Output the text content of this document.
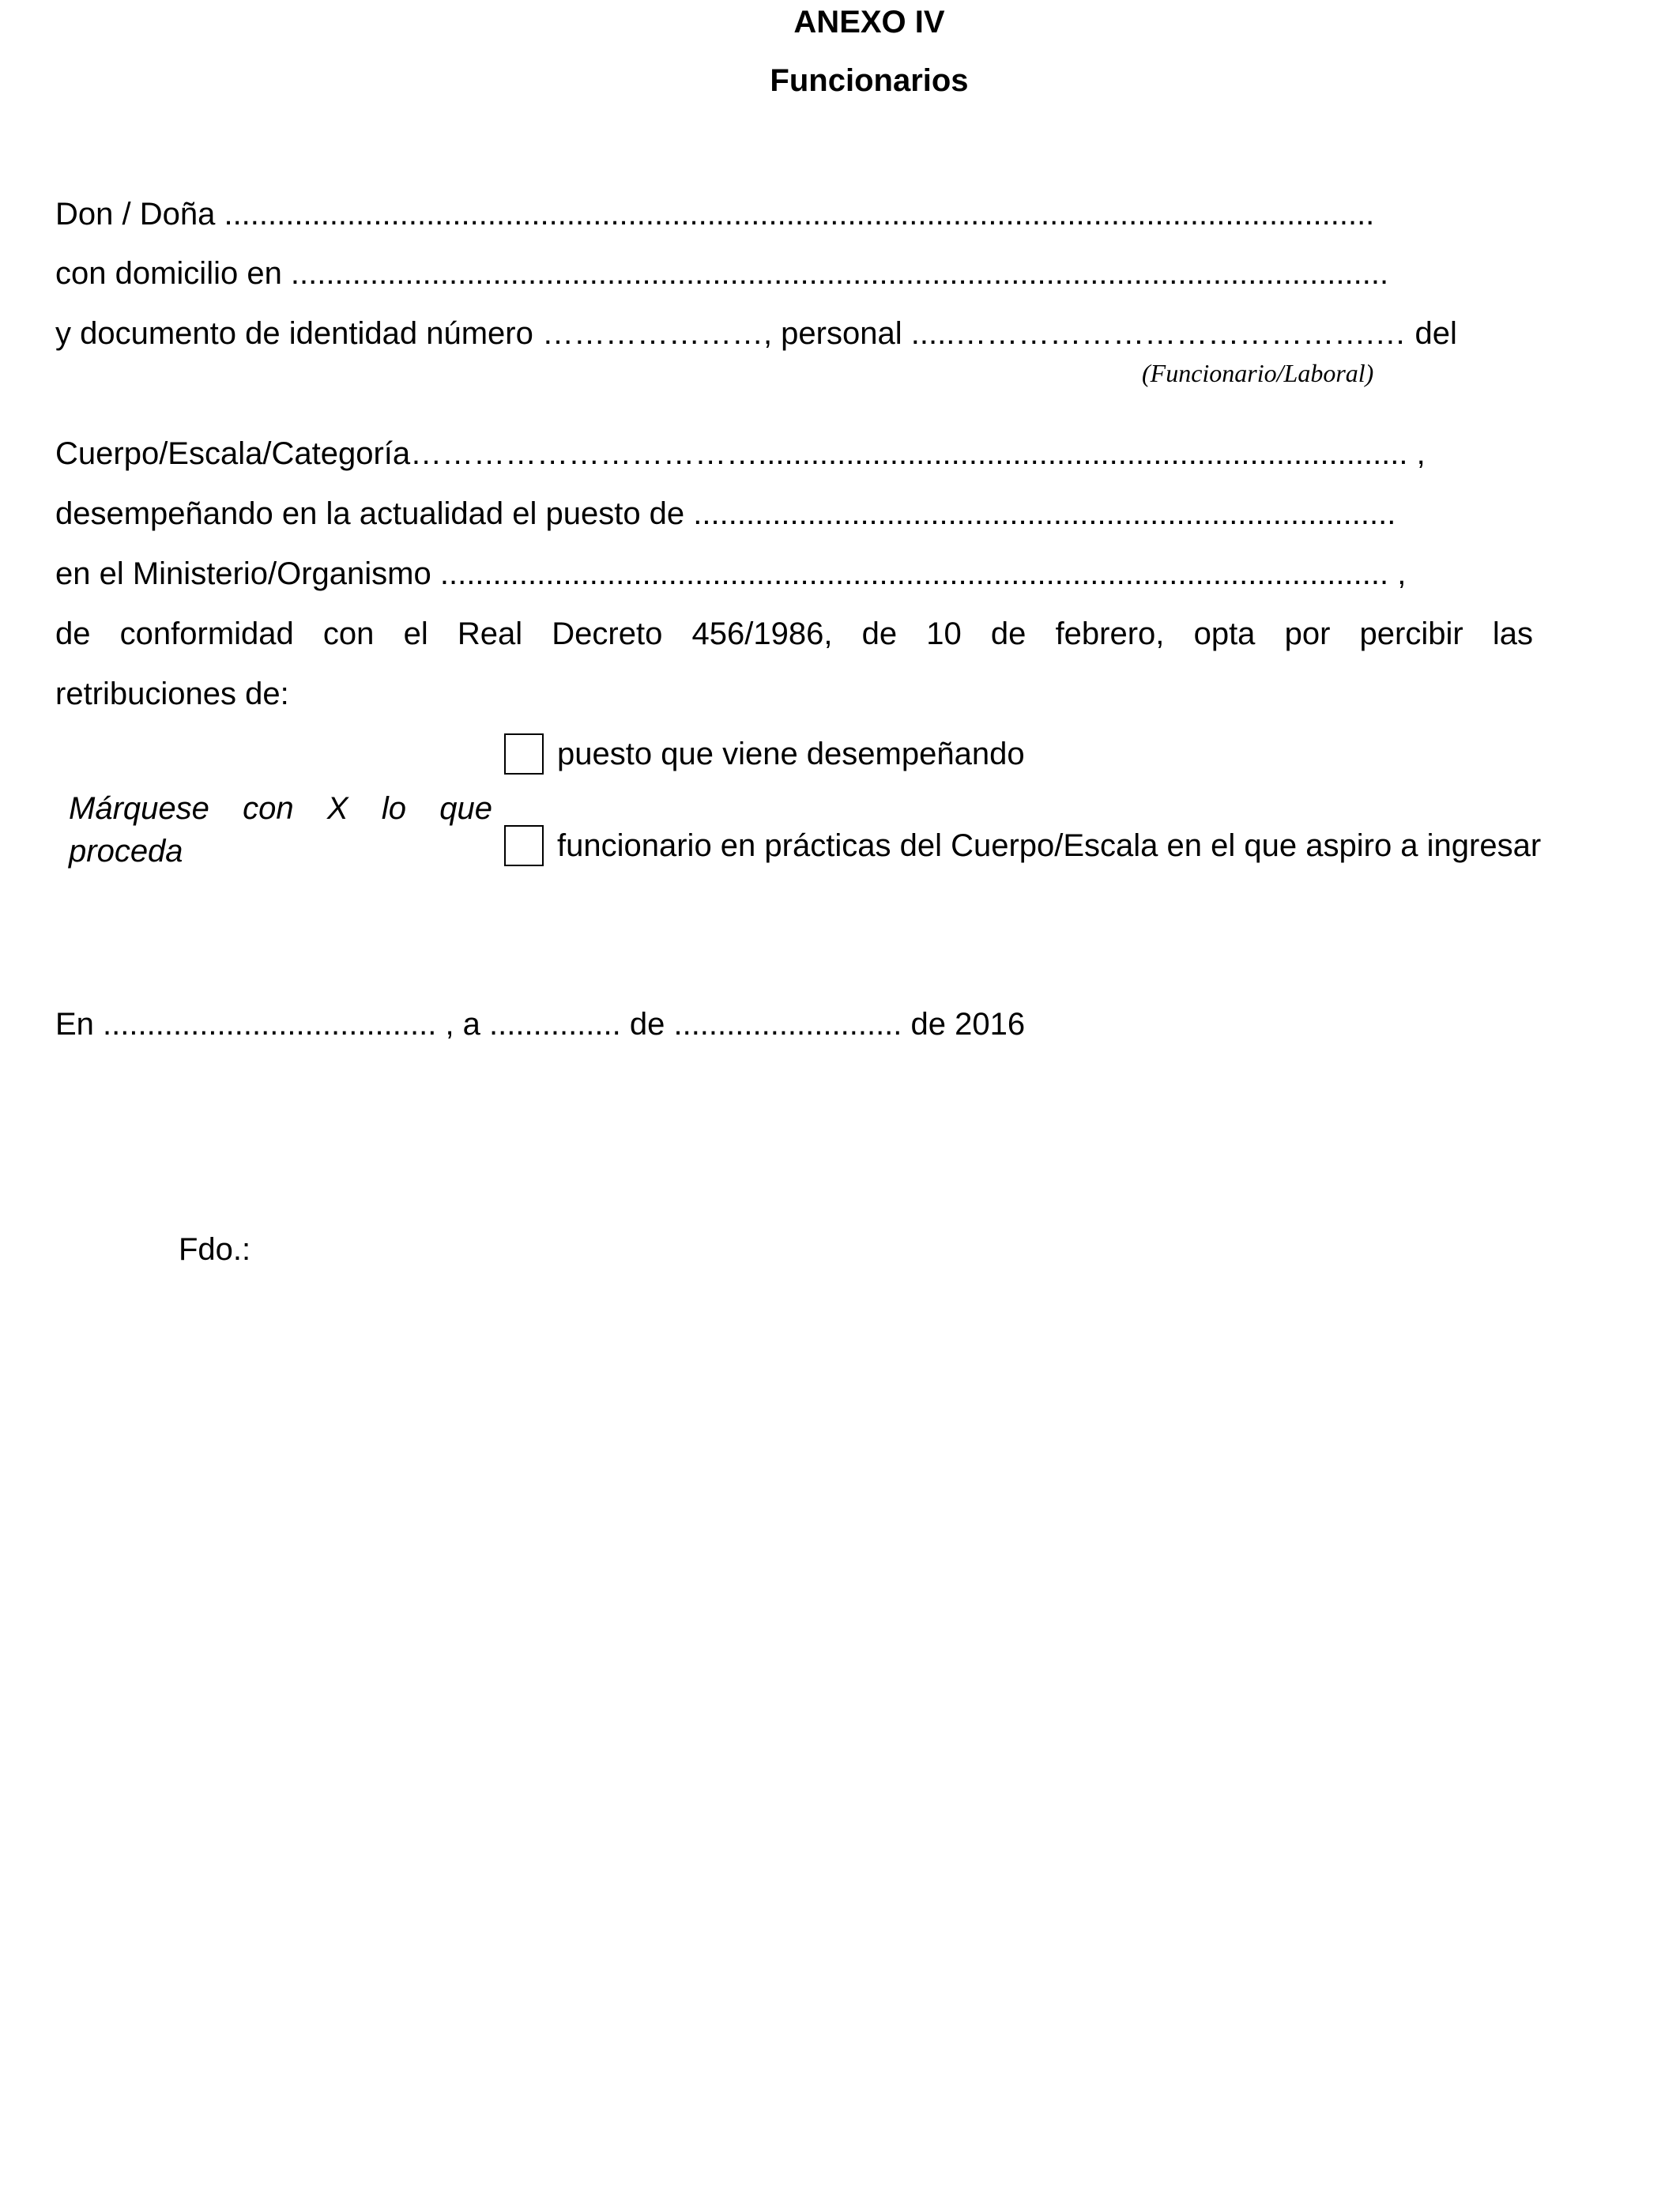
ANEXO IV
Funcionarios
Don / Doña ...................................................................................................................................
con domicilio en .............................................................................................................................
y documento de identidad número …………………, personal .....………………………………….… del
(Funcionario/Laboral)
Cuerpo/Escala/Categoría…………………………….......................................................................... ,
desempeñando en la actualidad el puesto de ................................................................................
en el Ministerio/Organismo ............................................................................................................ ,
de conformidad con el Real Decreto 456/1986, de 10 de febrero, opta por percibir las
retribuciones de:
Márquese con X lo que proceda
puesto que viene desempeñando
funcionario en prácticas del Cuerpo/Escala en el que aspiro a ingresar
En ...................................... , a ............... de .......................... de 2016
Fdo.:
